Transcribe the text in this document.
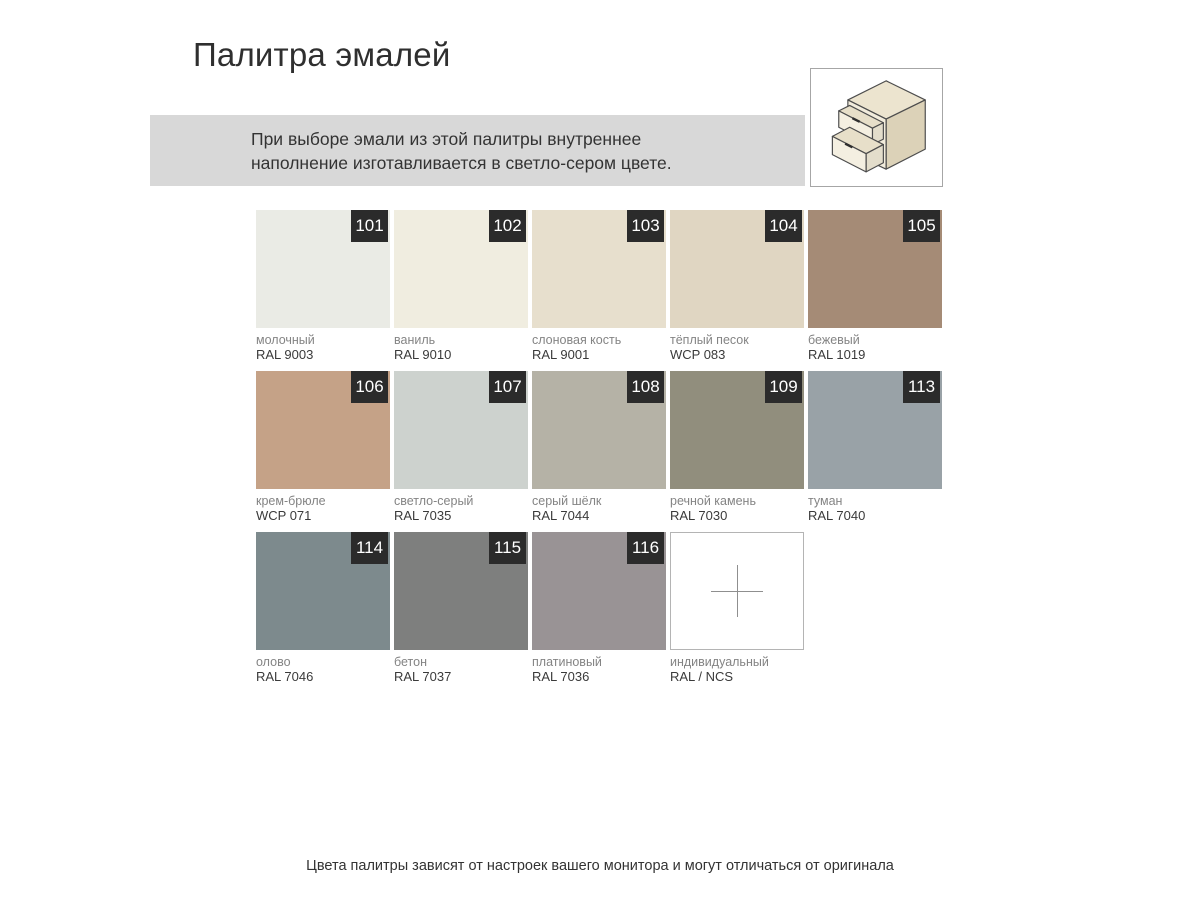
Палитра эмалей
При выборе эмали из этой палитры внутреннее наполнение изготавливается в светло-сером цвете.
101
молочный
RAL 9003
102
ваниль
RAL 9010
103
слоновая кость
RAL 9001
104
тёплый песок
WCP 083
105
бежевый
RAL 1019
106
крем-брюле
WCP 071
107
светло-серый
RAL 7035
108
серый шёлк
RAL 7044
109
речной камень
RAL 7030
113
туман
RAL 7040
114
олово
RAL 7046
115
бетон
RAL 7037
116
платиновый
RAL 7036
индивидуальный
RAL / NCS
Цвета палитры зависят от настроек вашего монитора и могут отличаться от оригинала
